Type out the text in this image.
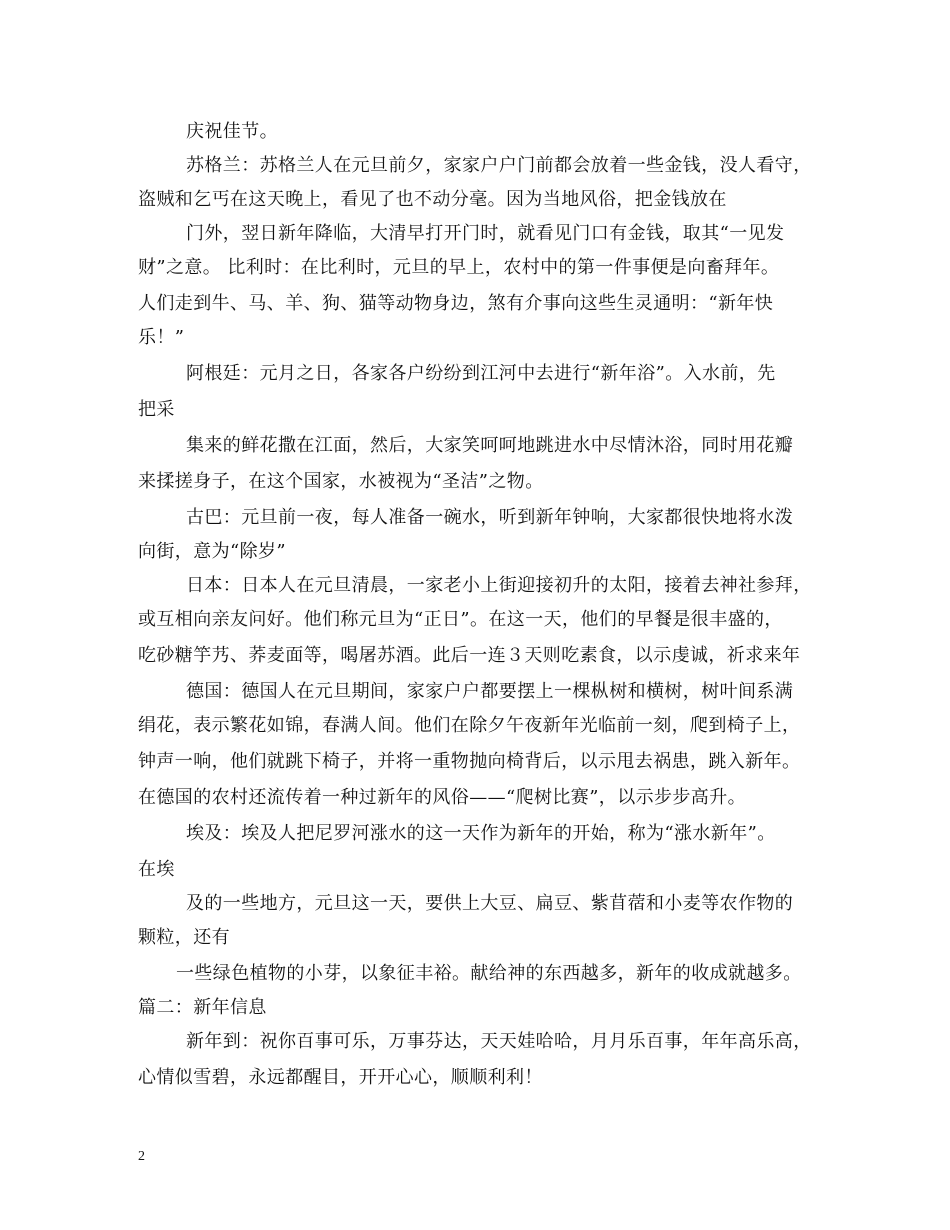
庆祝佳节。
苏格兰：苏格兰人在元旦前夕，家家户户门前都会放着一些金钱，没人看守，
盗贼和乞丐在这天晚上，看见了也不动分毫。因为当地风俗，把金钱放在
门外，翌日新年降临，大清早打开门时，就看见门口有金钱，取其“一见发
财”之意。 比利时：在比利时，元旦的早上，农村中的第一件事便是向畜拜年。
人们走到牛、马、羊、狗、猫等动物身边，煞有介事向这些生灵通明：“新年快
乐！”
阿根廷：元月之日，各家各户纷纷到江河中去进行“新年浴”。入水前，先
把采
集来的鲜花撒在江面，然后，大家笑呵呵地跳进水中尽情沐浴，同时用花瓣
来揉搓身子，在这个国家，水被视为“圣洁”之物。
古巴：元旦前一夜，每人准备一碗水，听到新年钟响，大家都很快地将水泼
向街，意为“除岁”
日本：日本人在元旦清晨，一家老小上街迎接初升的太阳，接着去神社参拜，
或互相向亲友问好。他们称元旦为“正日”。在这一天，他们的早餐是很丰盛的，
吃砂糖竽艿、荞麦面等，喝屠苏酒。此后一连３天则吃素食，以示虔诚，祈求来年
德国：德国人在元旦期间，家家户户都要摆上一棵枞树和横树，树叶间系满
绢花，表示繁花如锦，春满人间。他们在除夕午夜新年光临前一刻，爬到椅子上，
钟声一响，他们就跳下椅子，并将一重物抛向椅背后，以示甩去祸患，跳入新年。
在德国的农村还流传着一种过新年的风俗——“爬树比赛”，以示步步高升。
埃及：埃及人把尼罗河涨水的这一天作为新年的开始，称为“涨水新年”。
在埃
及的一些地方，元旦这一天，要供上大豆、扁豆、紫苜蓿和小麦等农作物的
颗粒，还有
一些绿色植物的小芽，以象征丰裕。献给神的东西越多，新年的收成就越多。
篇二：新年信息
新年到：祝你百事可乐，万事芬达，天天娃哈哈，月月乐百事，年年高乐高，
心情似雪碧，永远都醒目，开开心心，顺顺利利！
2
